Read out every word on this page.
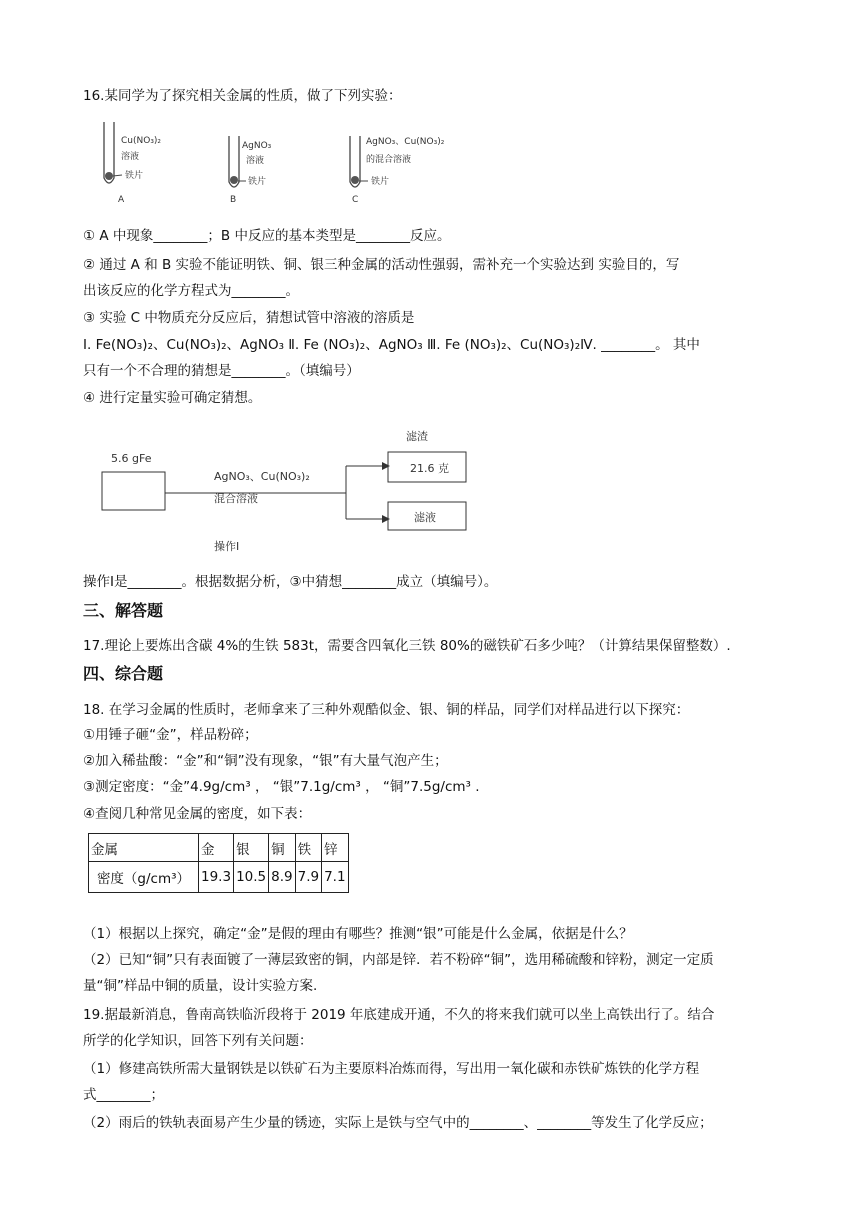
16.某同学为了探究相关金属的性质，做了下列实验：
Cu(NO₃)₂
溶液
铁片
A
AgNO₃
溶液
铁片
B
AgNO₃、Cu(NO₃)₂
的混合溶液
铁片
C
① A 中现象________；B 中反应的基本类型是________反应。
② 通过 A 和 B 实验不能证明铁、铜、银三种金属的活动性强弱，需补充一个实验达到 实验目的，写
出该反应的化学方程式为________。
③ 实验 C 中物质充分反应后，猜想试管中溶液的溶质是
Ⅰ. Fe(NO₃)₂、Cu(NO₃)₂、AgNO₃ Ⅱ. Fe (NO₃)₂、AgNO₃ Ⅲ. Fe (NO₃)₂、Cu(NO₃)₂Ⅳ. ________。 其中
只有一个不合理的猜想是________。（填编号）
④ 进行定量实验可确定猜想。
5.6 gFe
AgNO₃、Cu(NO₃)₂
混合溶液
滤渣
21.6 克
滤液
操作Ⅰ
操作Ⅰ是________。根据数据分析，③中猜想________成立（填编号）。
三、解答题
17.理论上要炼出含碳 4%的生铁 583t，需要含四氧化三铁 80%的磁铁矿石多少吨？（计算结果保留整数）.
四、综合题
18. 在学习金属的性质时，老师拿来了三种外观酷似金、银、铜的样品，同学们对样品进行以下探究：
①用锤子砸“金”，样品粉碎；
②加入稀盐酸：“金”和“铜”没有现象，“银”有大量气泡产生；
③测定密度：“金”4.9g/cm³ ， “银”7.1g/cm³ ， “铜”7.5g/cm³ .
④查阅几种常见金属的密度，如下表：
金属	金	银	铜	铁	锌
密度（g/cm³）	19.3	10.5	8.9	7.9	7.1
（1）根据以上探究，确定“金”是假的理由有哪些？推测“银”可能是什么金属，依据是什么？
（2）已知“铜”只有表面镀了一薄层致密的铜，内部是锌．若不粉碎“铜”，选用稀硫酸和锌粉，测定一定质
量“铜”样品中铜的质量，设计实验方案.
19.据最新消息，鲁南高铁临沂段将于 2019 年底建成开通，不久的将来我们就可以坐上高铁出行了。结合
所学的化学知识，回答下列有关问题：
（1）修建高铁所需大量钢铁是以铁矿石为主要原料冶炼而得，写出用一氧化碳和赤铁矿炼铁的化学方程
式________；
（2）雨后的铁轨表面易产生少量的锈迹，实际上是铁与空气中的________、________等发生了化学反应；
